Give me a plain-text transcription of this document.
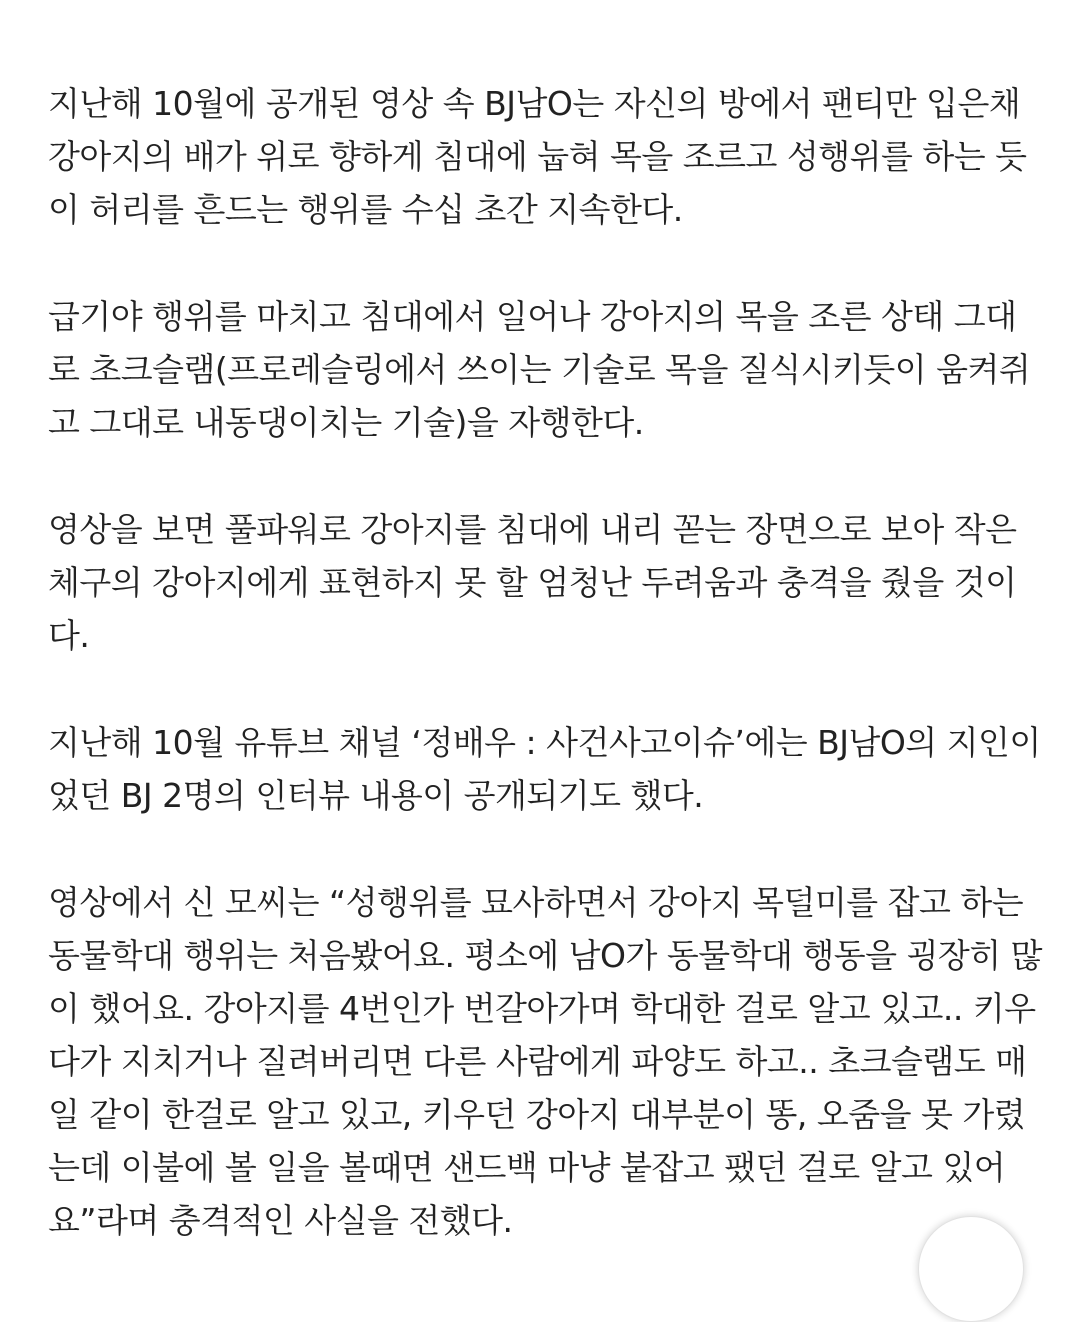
지난해 10월에 공개된 영상 속 BJ남O는 자신의 방에서 팬티만 입은채
강아지의 배가 위로 향하게 침대에 눕혀 목을 조르고 성행위를 하는 듯
이 허리를 흔드는 행위를 수십 초간 지속한다.

급기야 행위를 마치고 침대에서 일어나 강아지의 목을 조른 상태 그대
로 초크슬램(프로레슬링에서 쓰이는 기술로 목을 질식시키듯이 움켜쥐
고 그대로 내동댕이치는 기술)을 자행한다.

영상을 보면 풀파워로 강아지를 침대에 내리 꼳는 장면으로 보아 작은
체구의 강아지에게 표현하지 못 할 엄청난 두려움과 충격을 줬을 것이
다.

지난해 10월 유튜브 채널 ‘정배우 : 사건사고이슈’에는 BJ남O의 지인이
었던 BJ 2명의 인터뷰 내용이 공개되기도 했다.

영상에서 신 모씨는 “성행위를 묘사하면서 강아지 목덜미를 잡고 하는
동물학대 행위는 처음봤어요. 평소에 남O가 동물학대 행동을 굉장히 많
이 했어요. 강아지를 4번인가 번갈아가며 학대한 걸로 알고 있고.. 키우
다가 지치거나 질려버리면 다른 사람에게 파양도 하고.. 초크슬램도 매
일 같이 한걸로 알고 있고, 키우던 강아지 대부분이 똥, 오줌을 못 가렸
는데 이불에 볼 일을 볼때면 샌드백 마냥 붙잡고 팼던 걸로 알고 있어
요”라며 충격적인 사실을 전했다.
